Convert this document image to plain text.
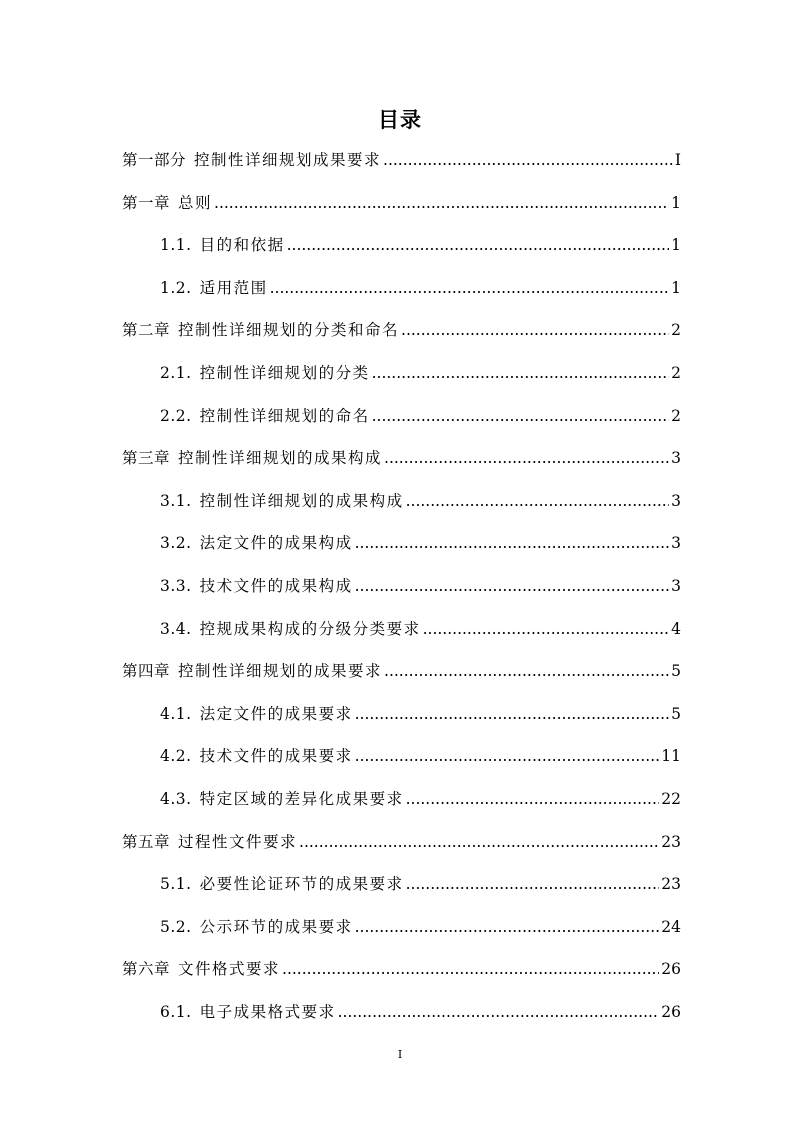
目录
第一部分 控制性详细规划成果要求 .....	I
第一章 总则 .....	1
1.1. 目的和依据 .....	1
1.2. 适用范围 .....	1
第二章 控制性详细规划的分类和命名 .....	2
2.1. 控制性详细规划的分类 .....	2
2.2. 控制性详细规划的命名 .....	2
第三章 控制性详细规划的成果构成 .....	3
3.1. 控制性详细规划的成果构成 .....	3
3.2. 法定文件的成果构成 .....	3
3.3. 技术文件的成果构成 .....	3
3.4. 控规成果构成的分级分类要求 .....	4
第四章 控制性详细规划的成果要求 .....	5
4.1. 法定文件的成果要求 .....	5
4.2. 技术文件的成果要求 .....	11
4.3. 特定区域的差异化成果要求 .....	22
第五章 过程性文件要求 .....	23
5.1. 必要性论证环节的成果要求 .....	23
5.2. 公示环节的成果要求 .....	24
第六章 文件格式要求 .....	26
6.1. 电子成果格式要求 .....	26
I
